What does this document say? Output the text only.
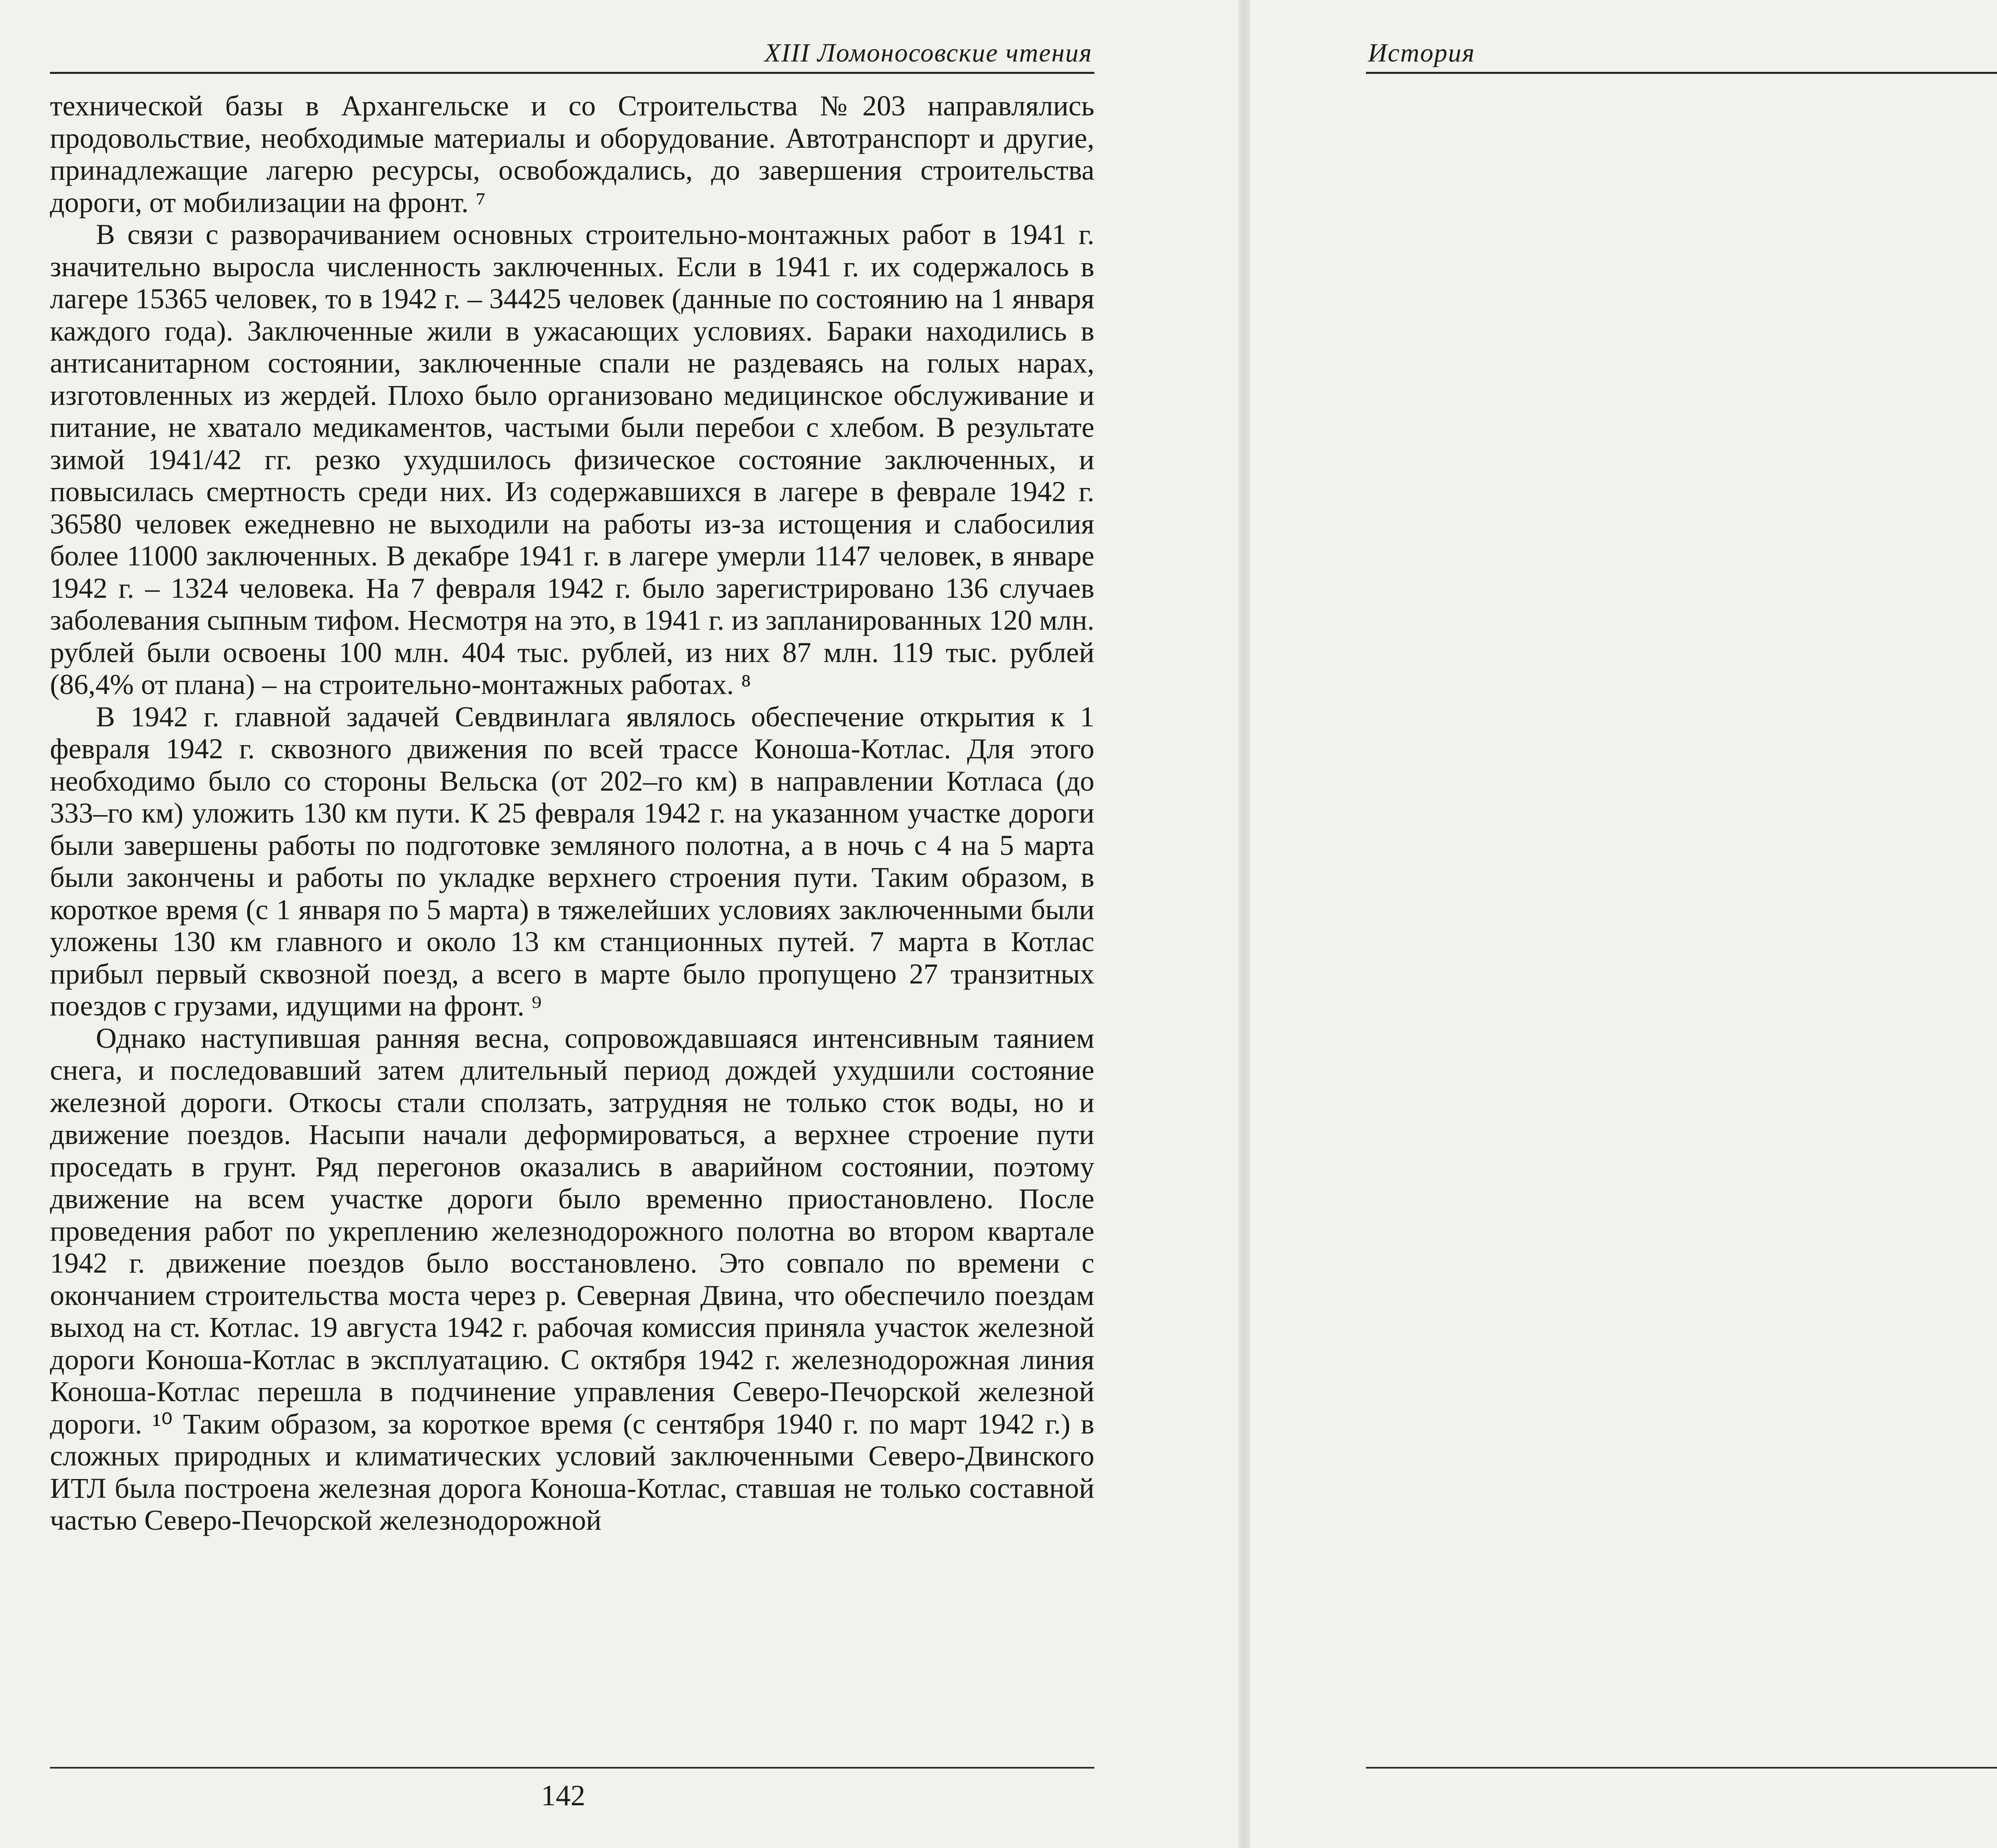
XIII Ломоносовские чтения

технической базы в Архангельске и со Строительства №203 направлялись продовольствие, необходимые материалы и оборудование. Автотранспорт и другие, принадлежащие лагерю ресурсы, освобождались, до завершения строительства дороги, от мобилизации на фронт. ⁷

В связи с разворачиванием основных строительно-монтажных работ в 1941 г. значительно выросла численность заключенных. Если в 1941 г. их содержалось в лагере 15365 человек, то в 1942 г. – 34425 человек (данные по состоянию на 1 января каждого года). Заключенные жили в ужасающих условиях. Бараки находились в антисанитарном состоянии, заключенные спали не раздеваясь на голых нарах, изготовленных из жердей. Плохо было организовано медицинское обслуживание и питание, не хватало медикаментов, частыми были перебои с хлебом. В результате зимой 1941/42 гг. резко ухудшилось физическое состояние заключенных, и повысилась смертность среди них. Из содержавшихся в лагере в феврале 1942 г. 36580 человек ежедневно не выходили на работы из-за истощения и слабосилия более 11000 заключенных. В декабре 1941 г. в лагере умерли 1147 человек, в январе 1942 г. – 1324 человека. На 7 февраля 1942 г. было зарегистрировано 136 случаев заболевания сыпным тифом. Несмотря на это, в 1941 г. из запланированных 120 млн. рублей были освоены 100 млн. 404 тыс. рублей, из них 87 млн. 119 тыс. рублей (86,4% от плана) – на строительно-монтажных работах. ⁸

В 1942 г. главной задачей Севдвинлага являлось обеспечение открытия к 1 февраля 1942 г. сквозного движения по всей трассе Коноша-Котлас. Для этого необходимо было со стороны Вельска (от 202–го км) в направлении Котласа (до 333–го км) уложить 130 км пути. К 25 февраля 1942 г. на указанном участке дороги были завершены работы по подготовке земляного полотна, а в ночь с 4 на 5 марта были закончены и работы по укладке верхнего строения пути. Таким образом, в короткое время (с 1 января по 5 марта) в тяжелейших условиях заключенными были уложены 130 км главного и около 13 км станционных путей. 7 марта в Котлас прибыл первый сквозной поезд, а всего в марте было пропущено 27 транзитных поездов с грузами, идущими на фронт. ⁹

Однако наступившая ранняя весна, сопровождавшаяся интенсивным таянием снега, и последовавший затем длительный период дождей ухудшили состояние железной дороги. Откосы стали сползать, затрудняя не только сток воды, но и движение поездов. Насыпи начали деформироваться, а верхнее строение пути проседать в грунт. Ряд перегонов оказались в аварийном состоянии, поэтому движение на всем участке дороги было временно приостановлено. После проведения работ по укреплению железнодорожного полотна во втором квартале 1942 г. движение поездов было восстановлено. Это совпало по времени с окончанием строительства моста через р. Северная Двина, что обеспечило поездам выход на ст. Котлас. 19 августа 1942 г. рабочая комиссия приняла участок железной дороги Коноша-Котлас в эксплуатацию. С октября 1942 г. железнодорожная линия Коноша-Котлас перешла в подчинение управления Северо-Печорской железной дороги. ¹⁰ Таким образом, за короткое время (с сентября 1940 г. по март 1942 г.) в сложных природных и климатических условий заключенными Северо-Двинского ИТЛ была построена железная дорога Коноша-Котлас, ставшая не только составной частью Северо-Печорской железнодорожной

142
История
